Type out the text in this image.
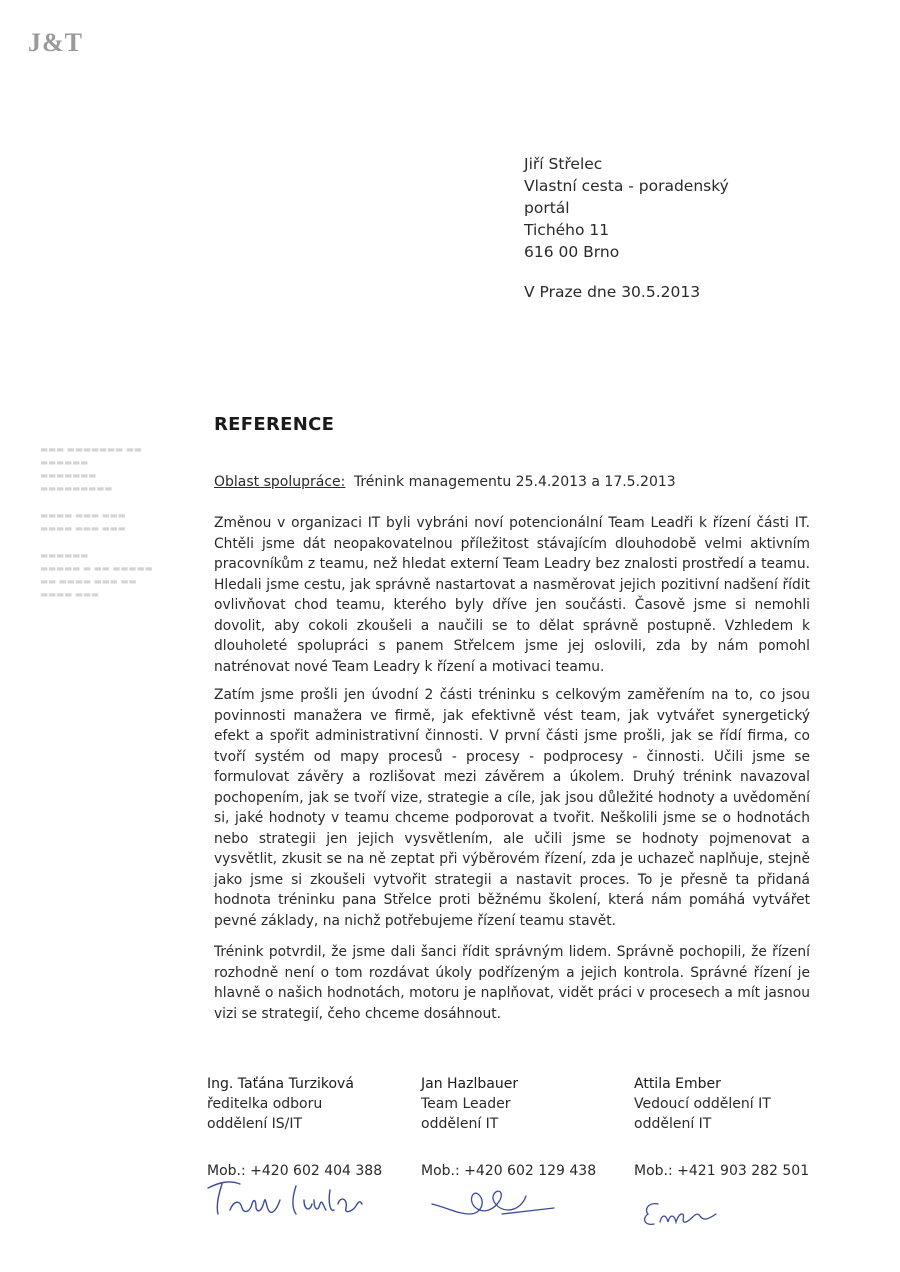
J&T
▬▬▬ ▬▬▬▬▬▬▬ ▬▬
▬▬▬▬▬▬
▬▬▬▬▬▬▬
▬▬▬▬▬▬▬▬▬
▬▬▬▬ ▬▬▬ ▬▬▬
▬▬▬▬ ▬▬▬ ▬▬▬
▬▬▬▬▬▬
▬▬▬▬▬ ▬ ▬▬ ▬▬▬▬▬
▬▬ ▬▬▬▬ ▬▬▬ ▬▬
▬▬▬▬ ▬▬▬
Jiří Střelec
Vlastní cesta - poradenský
portál
Tichého 11
616 00 Brno
V Praze dne 30.5.2013
REFERENCE
Oblast spolupráce: Trénink managementu 25.4.2013 a 17.5.2013

Změnou v organizaci IT byli vybráni noví potencionální Team Leadři k řízení části IT. Chtěli jsme dát neopakovatelnou příležitost stávajícím dlouhodobě velmi aktivním pracovníkům z teamu, než hledat externí Team Leadry bez znalosti prostředí a teamu. Hledali jsme cestu, jak správně nastartovat a nasměrovat jejich pozitivní nadšení řídit ovlivňovat chod teamu, kterého byly dříve jen součásti. Časově jsme si nemohli dovolit, aby cokoli zkoušeli a naučili se to dělat správně postupně. Vzhledem k dlouholeté spolupráci s panem Střelcem jsme jej oslovili, zda by nám pomohl natrénovat nové Team Leadry k řízení a motivaci teamu.

Zatím jsme prošli jen úvodní 2 části tréninku s celkovým zaměřením na to, co jsou povinnosti manažera ve firmě, jak efektivně vést team, jak vytvářet synergetický efekt a spořit administrativní činnosti. V první části jsme prošli, jak se řídí firma, co tvoří systém od mapy procesů - procesy - podprocesy - činnosti. Učili jsme se formulovat závěry a rozlišovat mezi závěrem a úkolem. Druhý trénink navazoval pochopením, jak se tvoří vize, strategie a cíle, jak jsou důležité hodnoty a uvědomění si, jaké hodnoty v teamu chceme podporovat a tvořit. Neškolili jsme se o hodnotách nebo strategii jen jejich vysvětlením, ale učili jsme se hodnoty pojmenovat a vysvětlit, zkusit se na ně zeptat při výběrovém řízení, zda je uchazeč naplňuje, stejně jako jsme si zkoušeli vytvořit strategii a nastavit proces. To je přesně ta přidaná hodnota tréninku pana Střelce proti běžnému školení, která nám pomáhá vytvářet pevné základy, na nichž potřebujeme řízení teamu stavět.

Trénink potvrdil, že jsme dali šanci řídit správným lidem. Správně pochopili, že řízení rozhodně není o tom rozdávat úkoly podřízeným a jejich kontrola. Správné řízení je hlavně o našich hodnotách, motoru je naplňovat, vidět práci v procesech a mít jasnou vizi se strategií, čeho chceme dosáhnout.

Ing. Taťána Turziková
ředitelka odboru
oddělení IS/IT
Mob.: +420 602 404 388
Jan Hazlbauer
Team Leader
oddělení IT
Mob.: +420 602 129 438
Attila Ember
Vedoucí oddělení IT
oddělení IT
Mob.: +421 903 282 501
